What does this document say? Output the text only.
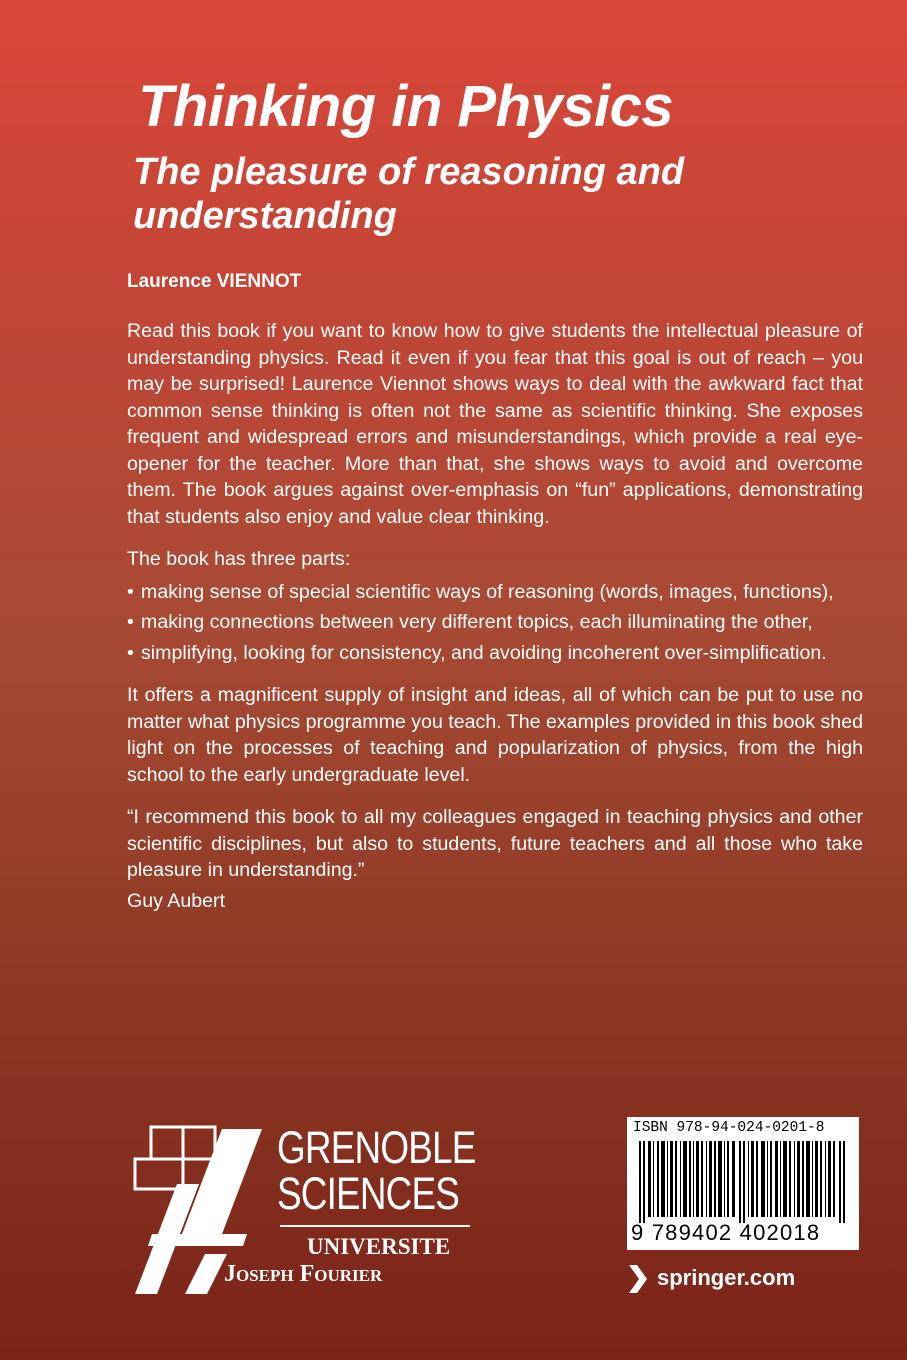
Thinking in Physics
The pleasure of reasoning and understanding

Laurence VIENNOT

Read this book if you want to know how to give students the intellectual pleasure of understanding physics. Read it even if you fear that this goal is out of reach – you may be surprised! Laurence Viennot shows ways to deal with the awkward fact that common sense thinking is often not the same as scientific thinking. She exposes frequent and widespread errors and misunderstandings, which provide a real eye-opener for the teacher. More than that, she shows ways to avoid and overcome them. The book argues against over-emphasis on “fun” applications, demonstrating that students also enjoy and value clear thinking.

The book has three parts:

• making sense of special scientific ways of reasoning (words, images, functions),
• making connections between very different topics, each illuminating the other,
• simplifying, looking for consistency, and avoiding incoherent over-simplification.

It offers a magnificent supply of insight and ideas, all of which can be put to use no matter what physics programme you teach. The examples provided in this book shed light on the processes of teaching and popularization of physics, from the high school to the early undergraduate level.

“I recommend this book to all my colleagues engaged in teaching physics and other scientific disciplines, but also to students, future teachers and all those who take pleasure in understanding.”

Guy Aubert

GRENOBLE
SCIENCES
UNIVERSITE
Joseph Fourier
ISBN 978-94-024-0201-8
9 789402 402018
springer.com
